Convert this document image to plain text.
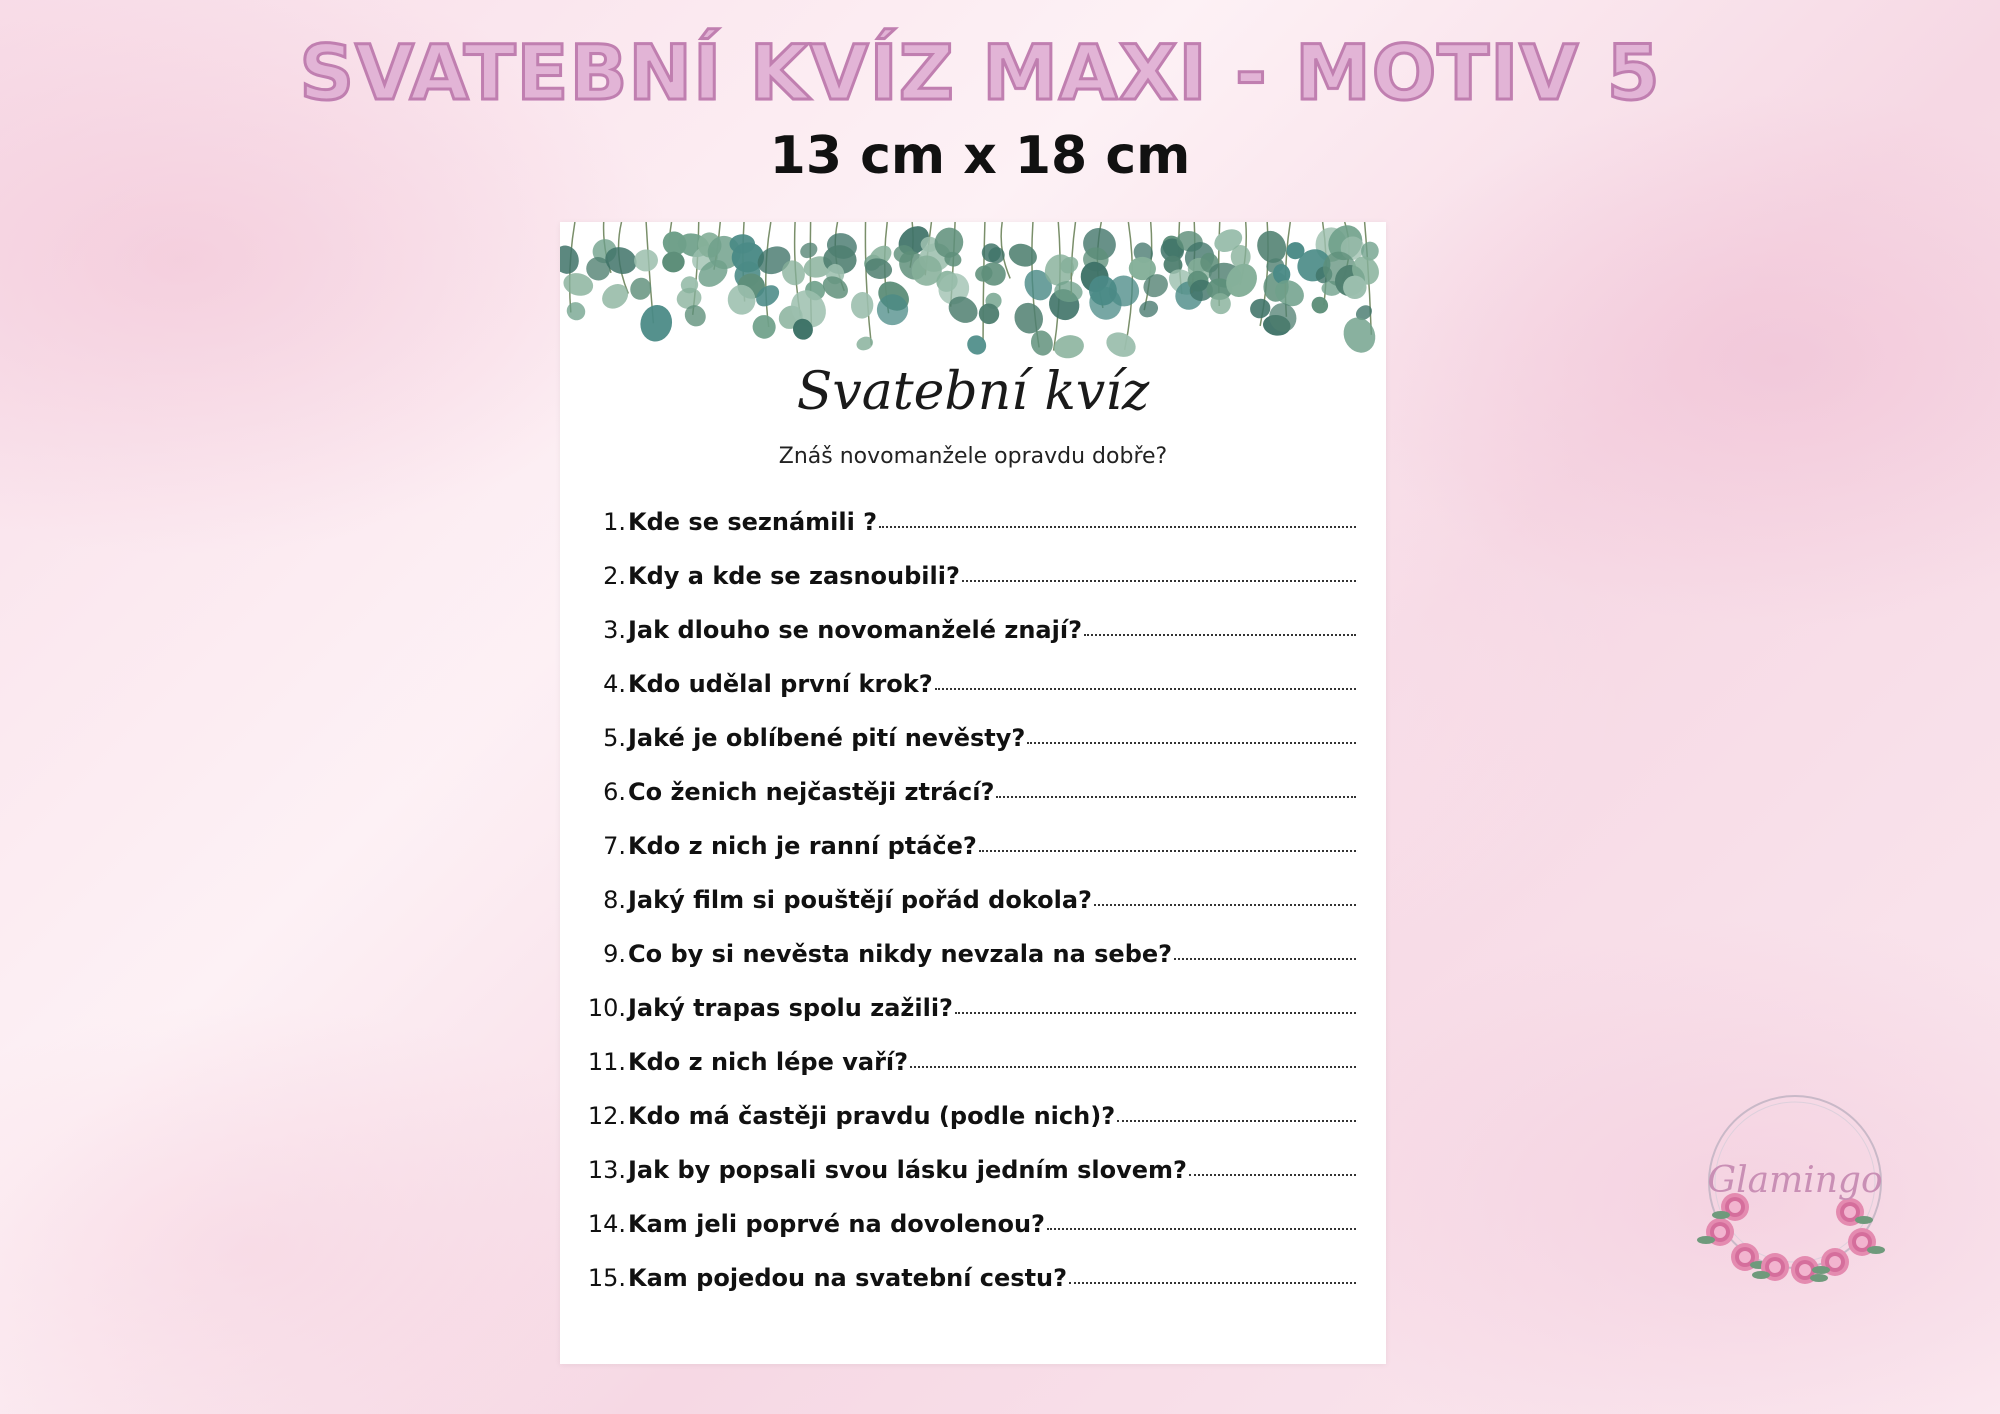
SVATEBNÍ KVÍZ MAXI - MOTIV 5
13 cm x 18 cm
Svatební kvíz
Znáš novomanžele opravdu dobře?
1. Kde se seznámili ?
2. Kdy a kde se zasnoubili?
3. Jak dlouho se novomanželé znají?
4. Kdo udělal první krok?
5. Jaké je oblíbené pití nevěsty?
6. Co ženich nejčastěji ztrácí?
7. Kdo z nich je ranní ptáče?
8. Jaký film si pouštějí pořád dokola?
9. Co by si nevěsta nikdy nevzala na sebe?
10. Jaký trapas spolu zažili?
11. Kdo z nich lépe vaří?
12. Kdo má častěji pravdu (podle nich)?
13. Jak by popsali svou lásku jedním slovem?
14. Kam jeli poprvé na dovolenou?
15. Kam pojedou na svatební cestu?
Glamingo
